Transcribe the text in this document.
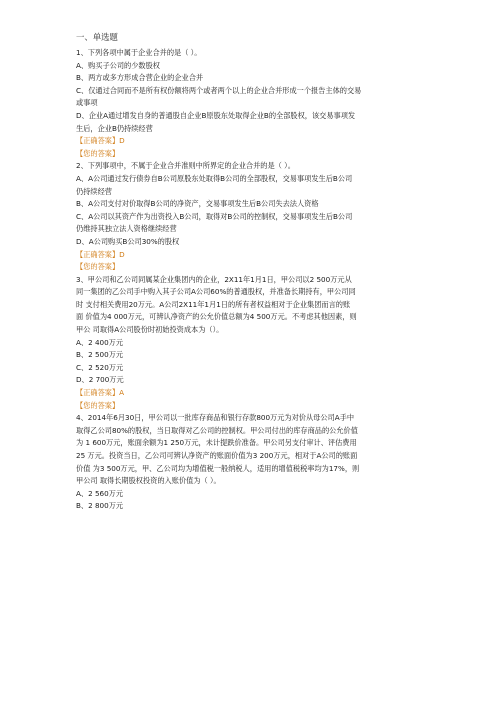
一、单选题
1、下列各项中属于企业合并的是（ ）。
A、购买子公司的少数股权
B、两方或多方形成合营企业的企业合并
C、仅通过合同而不是所有权份额将两个或者两个以上的企业合并形成一个报告主体的交易
或事项
D、企业A通过增发自身的普通股自企业B原股东处取得企业B的全部股权，该交易事项发
生后，企业B仍持续经营
【正确答案】D
【您的答案】
2、下列事项中，不属于企业合并准则中所界定的企业合并的是（ ）。
A、A公司通过发行债券自B公司原股东处取得B公司的全部股权，交易事项发生后B公司
仍持续经营
B、A公司支付对价取得B公司的净资产，交易事项发生后B公司失去法人资格
C、A公司以其资产作为出资投入B公司，取得对B公司的控制权，交易事项发生后B公司
仍维持其独立法人资格继续经营
D、A公司购买B公司30%的股权
【正确答案】D
【您的答案】
3、甲公司和乙公司同属某企业集团内的企业，2X11年1月1日，甲公司以2 500万元从
同一集团的乙公司手中购入其子公司A公司60%的普通股权，并准备长期持有，甲公司同
时 支付相关费用20万元。A公司2X11年1月1日的所有者权益相对于企业集团而言的账
面 价值为4 000万元，可辨认净资产的公允价值总额为4 500万元。不考虑其他因素，则
甲公 司取得A公司股份时初始投资成本为（）。
A、2 400万元
B、2 500万元
C、2 520万元
D、2 700万元
【正确答案】A
【您的答案】
4、2014年6月30日，甲公司以一批库存商品和银行存款800万元为对价从母公司A手中
取得乙公司80%的股权，当日取得对乙公司的控制权。甲公司付出的库存商品的公允价值
为 1 600万元，账面余额为1 250万元，未计提跌价准备。甲公司另支付审计、评估费用
25 万元。投资当日，乙公司可辨认净资产的账面价值为3 200万元，相对于A公司的账面
价值 为3 500万元，甲、乙公司均为增值税一般纳税人，适用的增值税税率均为17%，则
甲公司 取得长期股权投资的入账价值为（ ）。
A、2 560万元
B、2 800万元
